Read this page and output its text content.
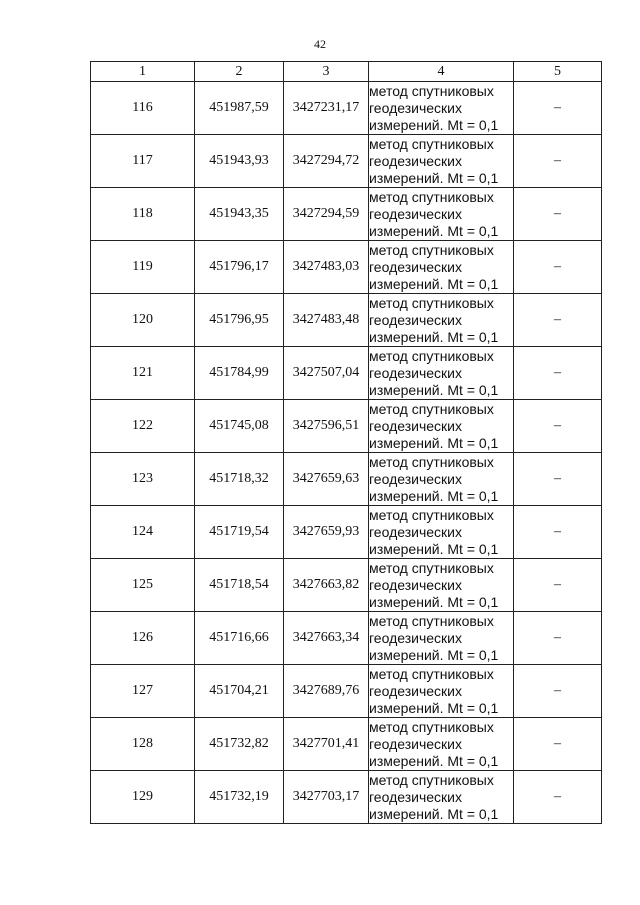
42
1	2	3	4	5
116	451987,59	3427231,17	метод спутниковых
геодезических
измерений. Mt = 0,1	–
117	451943,93	3427294,72	метод спутниковых
геодезических
измерений. Mt = 0,1	–
118	451943,35	3427294,59	метод спутниковых
геодезических
измерений. Mt = 0,1	–
119	451796,17	3427483,03	метод спутниковых
геодезических
измерений. Mt = 0,1	–
120	451796,95	3427483,48	метод спутниковых
геодезических
измерений. Mt = 0,1	–
121	451784,99	3427507,04	метод спутниковых
геодезических
измерений. Mt = 0,1	–
122	451745,08	3427596,51	метод спутниковых
геодезических
измерений. Mt = 0,1	–
123	451718,32	3427659,63	метод спутниковых
геодезических
измерений. Mt = 0,1	–
124	451719,54	3427659,93	метод спутниковых
геодезических
измерений. Mt = 0,1	–
125	451718,54	3427663,82	метод спутниковых
геодезических
измерений. Mt = 0,1	–
126	451716,66	3427663,34	метод спутниковых
геодезических
измерений. Mt = 0,1	–
127	451704,21	3427689,76	метод спутниковых
геодезических
измерений. Mt = 0,1	–
128	451732,82	3427701,41	метод спутниковых
геодезических
измерений. Mt = 0,1	–
129	451732,19	3427703,17	метод спутниковых
геодезических
измерений. Mt = 0,1	–
